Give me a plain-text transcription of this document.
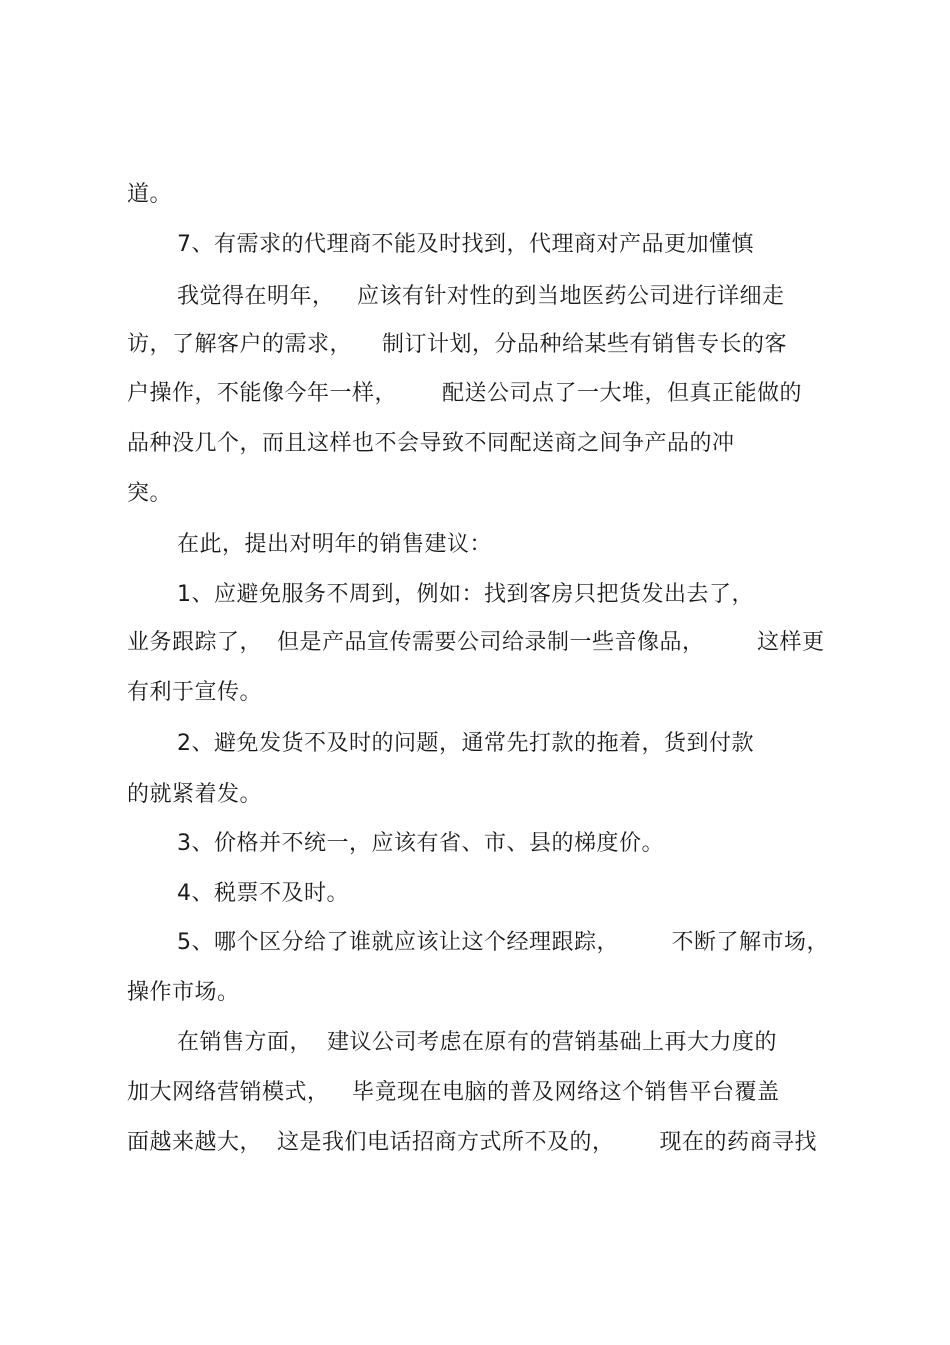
道。
7、有需求的代理商不能及时找到，代理商对产品更加懂慎
我觉得在明年，   应该有针对性的到当地医药公司进行详细走
访，了解客户的需求，    制订计划，分品种给某些有销售专长的客
户操作，不能像今年一样，      配送公司点了一大堆，但真正能做的
品种没几个，而且这样也不会导致不同配送商之间争产品的冲
突。
在此，提出对明年的销售建议：
1、应避免服务不周到，例如：找到客房只把货发出去了，
业务跟踪了，  但是产品宣传需要公司给录制一些音像品，       这样更
有利于宣传。
2、避免发货不及时的问题，通常先打款的拖着，货到付款
的就紧着发。
3、价格并不统一，应该有省、市、县的梯度价。
4、税票不及时。
5、哪个区分给了谁就应该让这个经理跟踪，       不断了解市场，
操作市场。
在销售方面，  建议公司考虑在原有的营销基础上再大力度的
加大网络营销模式，   毕竟现在电脑的普及网络这个销售平台覆盖
面越来越大，  这是我们电话招商方式所不及的，      现在的药商寻找
